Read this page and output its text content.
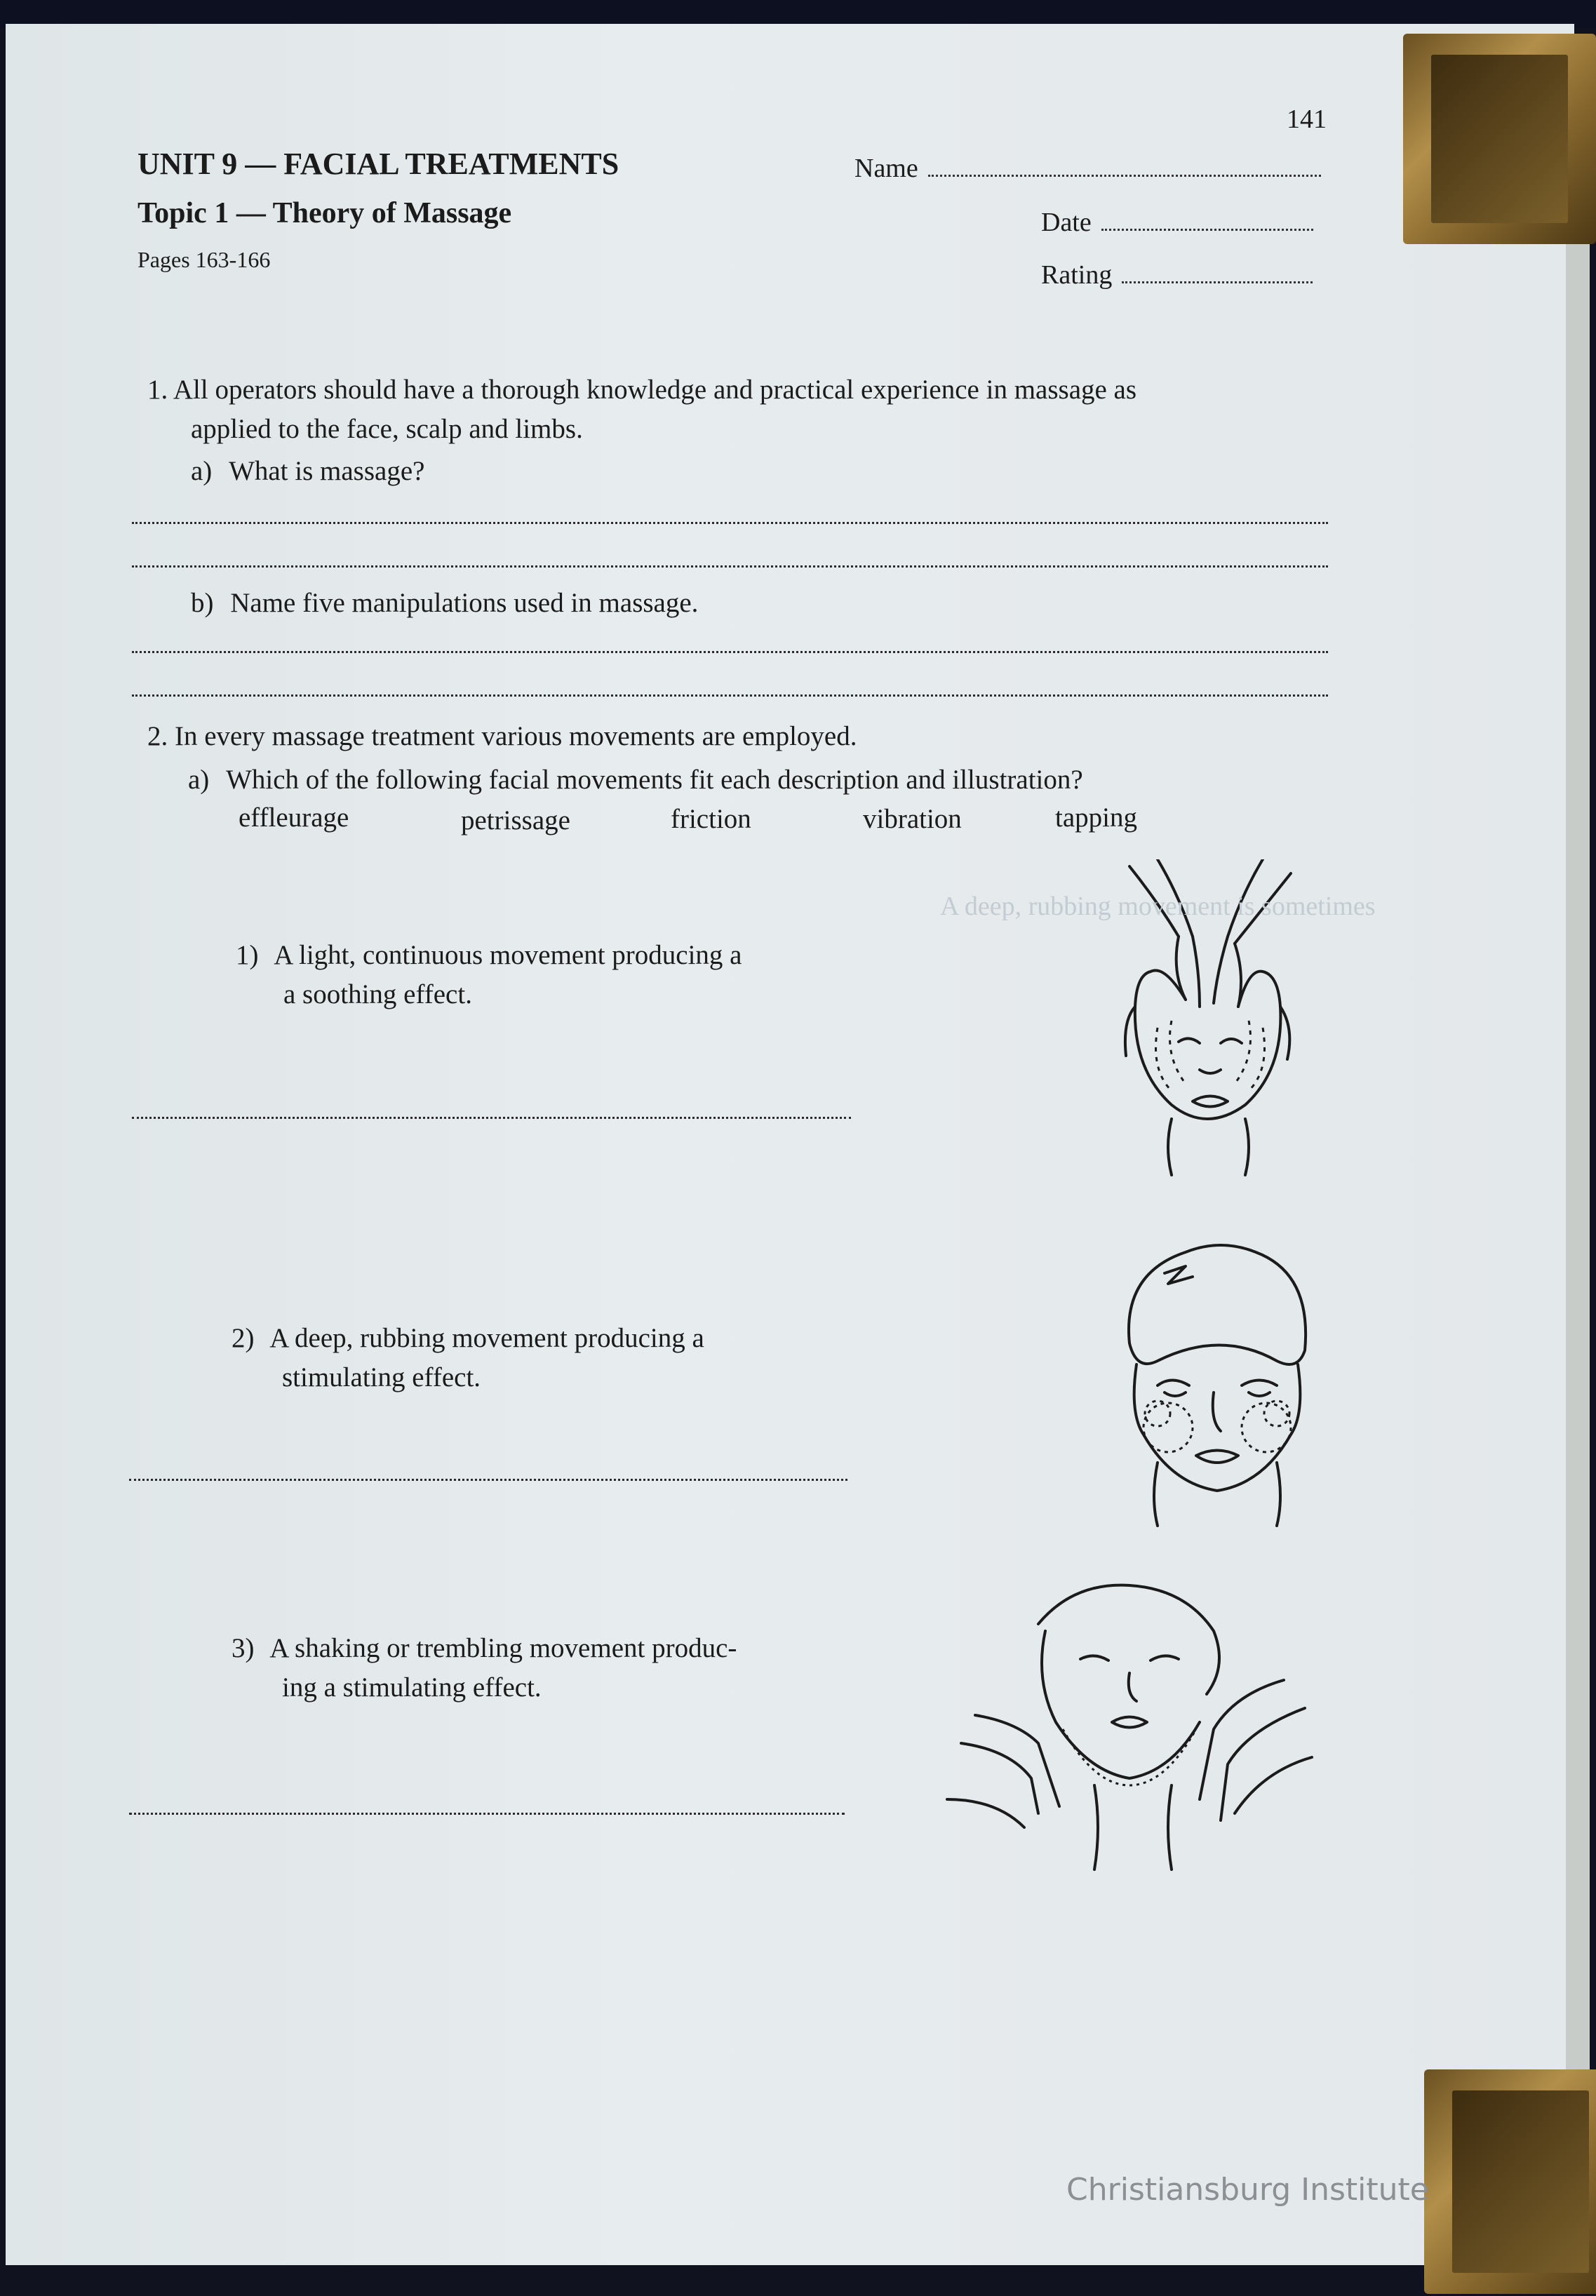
141
UNIT 9 — FACIAL TREATMENTS
Topic 1 — Theory of Massage
Pages 163-166
Name
Date
Rating
1. All operators should have a thorough knowledge and practical experience in massage as
applied to the face, scalp and limbs.
a) What is massage?
b) Name five manipulations used in massage.
2. In every massage treatment various movements are employed.
a) Which of the following facial movements fit each description and illustration?
effleurage	petrissage	friction	vibration	tapping
1) A light, continuous movement producing a
a soothing effect.
2) A deep, rubbing movement producing a
stimulating effect.
3) A shaking or trembling movement produc-
ing a stimulating effect.
A deep, rubbing movement is sometimes
Christiansburg Institute
